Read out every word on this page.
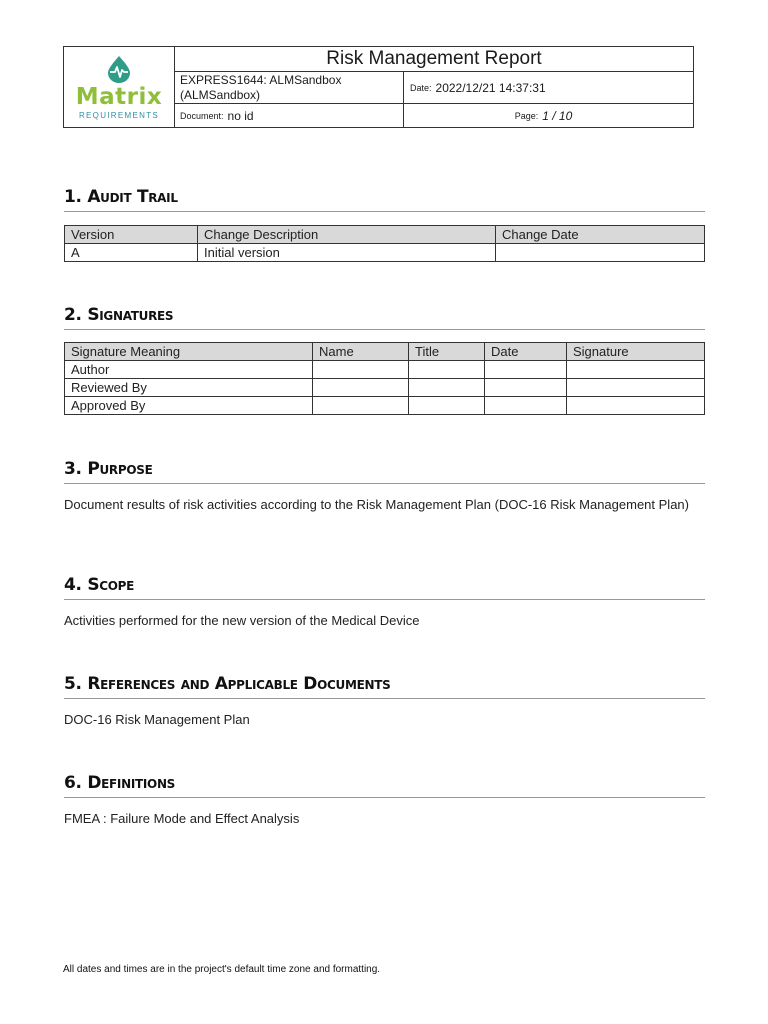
Matrix
REQUIREMENTS
Risk Management Report
EXPRESS1644: ALMSandbox (ALMSandbox)
Date: 2022/12/21 14:37:31
Document: no id	Page: 1 / 10
1. Audit Trail
Version	Change Description	Change Date
A	Initial version	
2. Signatures
Signature Meaning	Name	Title	Date	Signature
Author				
Reviewed By				
Approved By				
3. Purpose
Document results of risk activities according to the Risk Management Plan (DOC-16 Risk Management Plan)
4. Scope
Activities performed for the new version of the Medical Device
5. References and Applicable Documents
DOC-16 Risk Management Plan
6. Definitions
FMEA : Failure Mode and Effect Analysis
All dates and times are in the project's default time zone and formatting.
